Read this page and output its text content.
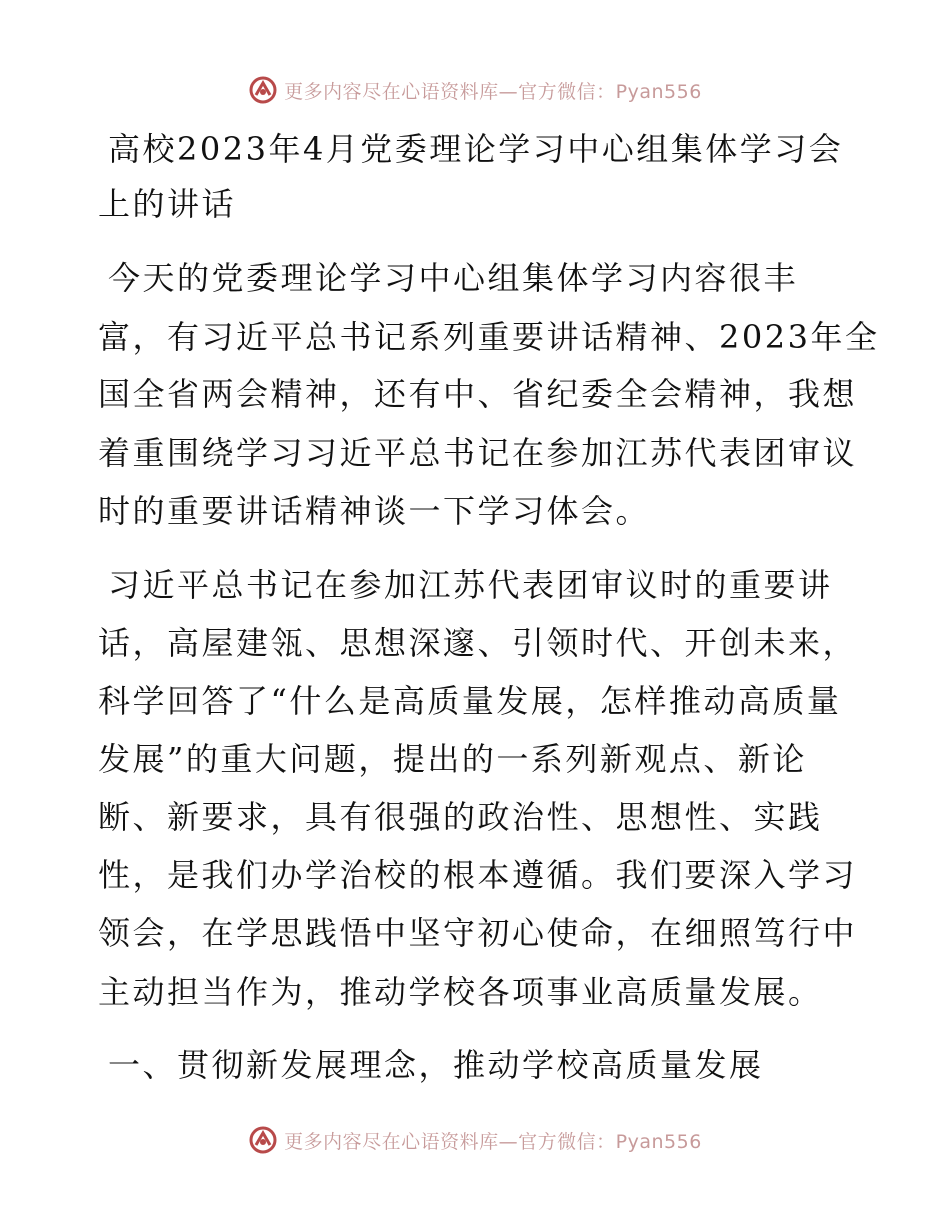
更多内容尽在心语资料库—官方微信：Pyan556
高校2023年4月党委理论学习中心组集体学习会
上的讲话
今天的党委理论学习中心组集体学习内容很丰
富，有习近平总书记系列重要讲话精神、2023年全
国全省两会精神，还有中、省纪委全会精神，我想
着重围绕学习习近平总书记在参加江苏代表团审议
时的重要讲话精神谈一下学习体会。
习近平总书记在参加江苏代表团审议时的重要讲
话，高屋建瓴、思想深邃、引领时代、开创未来，
科学回答了“什么是高质量发展，怎样推动高质量
发展”的重大问题，提出的一系列新观点、新论
断、新要求，具有很强的政治性、思想性、实践
性，是我们办学治校的根本遵循。我们要深入学习
领会，在学思践悟中坚守初心使命，在细照笃行中
主动担当作为，推动学校各项事业高质量发展。
一、贯彻新发展理念，推动学校高质量发展
更多内容尽在心语资料库—官方微信：Pyan556
